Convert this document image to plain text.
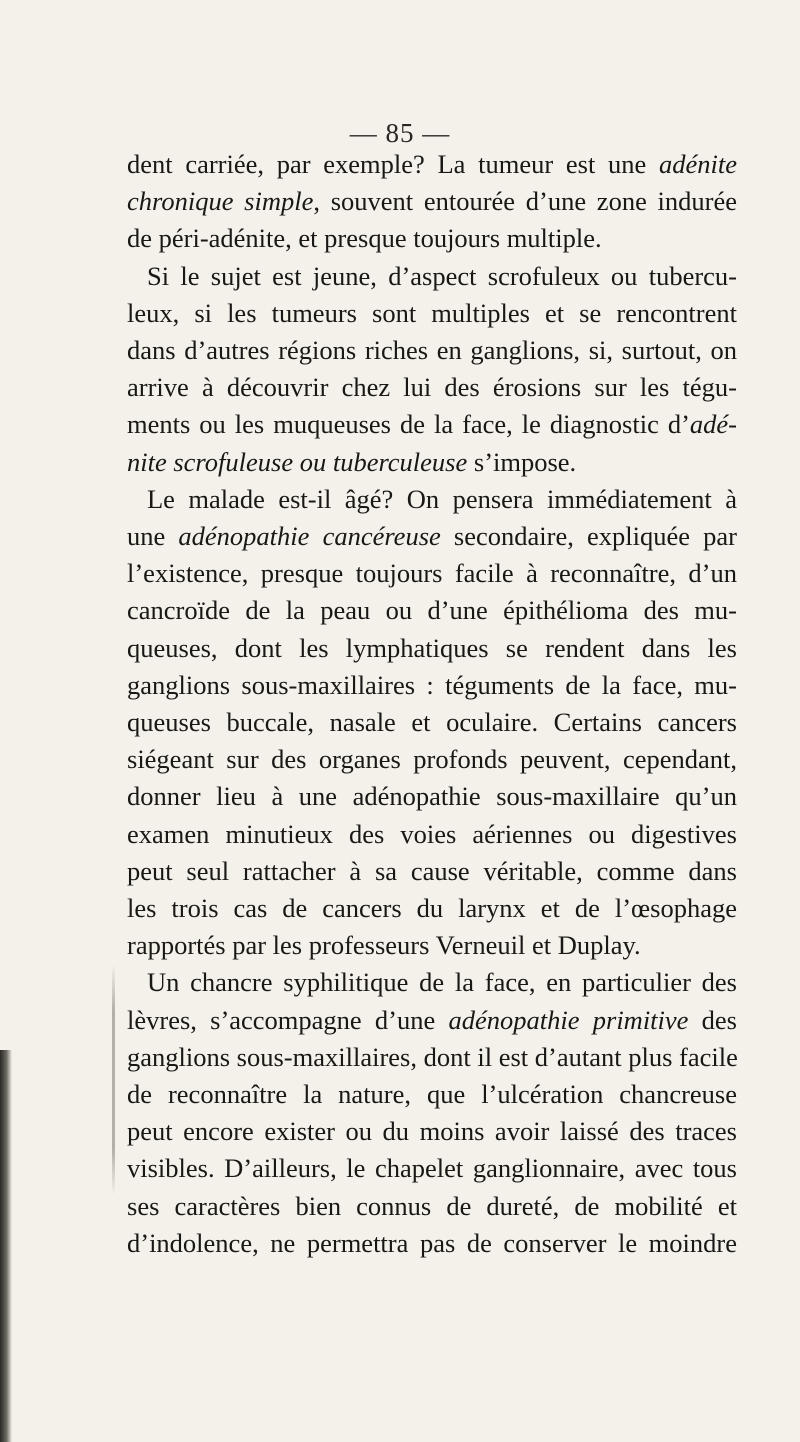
— 85 —
dent carriée, par exemple? La tumeur est une adénite
chronique simple, souvent entourée d’une zone indurée
de péri-adénite, et presque toujours multiple.
Si le sujet est jeune, d’aspect scrofuleux ou tubercu-
leux, si les tumeurs sont multiples et se rencontrent
dans d’autres régions riches en ganglions, si, surtout, on
arrive à découvrir chez lui des érosions sur les tégu-
ments ou les muqueuses de la face, le diagnostic d’adé-
nite scrofuleuse ou tuberculeuse s’impose.
Le malade est-il âgé? On pensera immédiatement à
une adénopathie cancéreuse secondaire, expliquée par
l’existence, presque toujours facile à reconnaître, d’un
cancroïde de la peau ou d’une épithélioma des mu-
queuses, dont les lymphatiques se rendent dans les
ganglions sous-maxillaires : téguments de la face, mu-
queuses buccale, nasale et oculaire. Certains cancers
siégeant sur des organes profonds peuvent, cependant,
donner lieu à une adénopathie sous-maxillaire qu’un
examen minutieux des voies aériennes ou digestives
peut seul rattacher à sa cause véritable, comme dans
les trois cas de cancers du larynx et de l’œsophage
rapportés par les professeurs Verneuil et Duplay.
Un chancre syphilitique de la face, en particulier des
lèvres, s’accompagne d’une adénopathie primitive des
ganglions sous-maxillaires, dont il est d’autant plus facile
de reconnaître la nature, que l’ulcération chancreuse
peut encore exister ou du moins avoir laissé des traces
visibles. D’ailleurs, le chapelet ganglionnaire, avec tous
ses caractères bien connus de dureté, de mobilité et
d’indolence, ne permettra pas de conserver le moindre
